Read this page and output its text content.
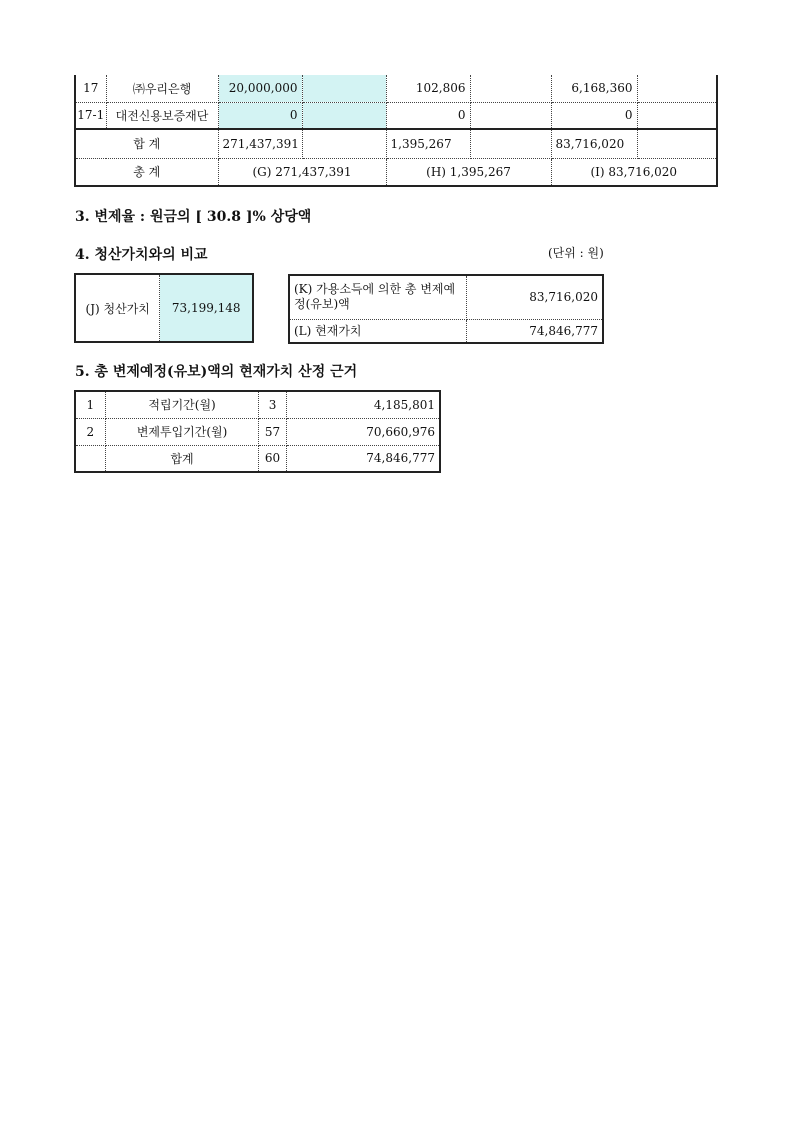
17	㈜우리은행	20,000,000		102,806		6,168,360	
17-1	대전신용보증재단	0		0		0	
합 계		271,437,391		1,395,267		83,716,020	
총 계		(G) 271,437,391		(H) 1,395,267		(I) 83,716,020	
3. 변제율 : 원금의 [ 30.8 ]% 상당액
4. 청산가치와의 비교	(단위 : 원)
(J) 청산가치	73,199,148
(K) 가용소득에 의한 총 변제예정(유보)액	83,716,020
(L) 현재가치	74,846,777
5. 총 변제예정(유보)액의 현재가치 산정 근거
1	적립기간(월)	3	4,185,801
2	변제투입기간(월)	57	70,660,976
	합계	60	74,846,777
